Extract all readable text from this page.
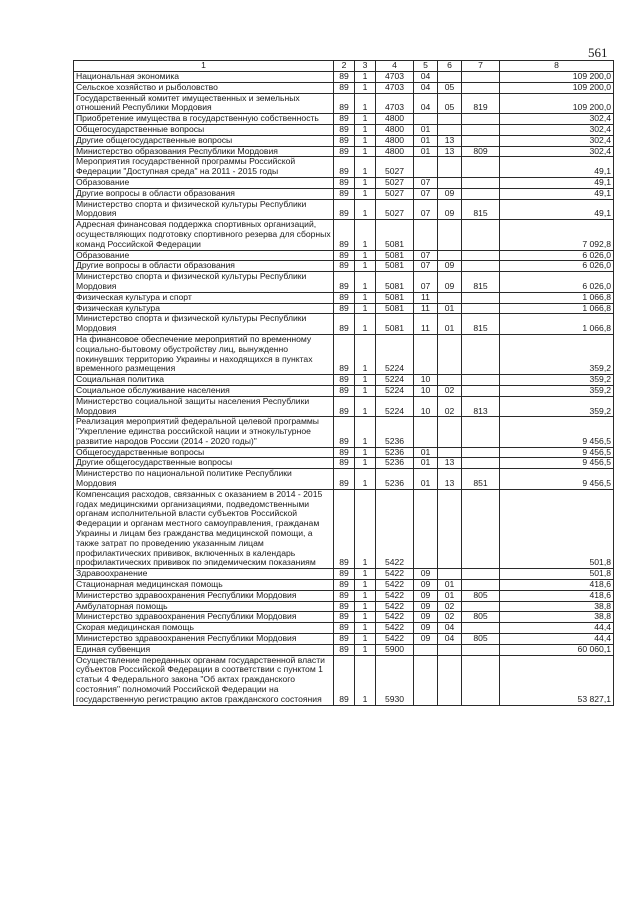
561
1	2	3	4	5	6	7	8
Национальная экономика	89	1	4703	04			109 200,0
Сельское хозяйство и рыболовство	89	1	4703	04	05		109 200,0
Государственный комитет имущественных и земельных отношений Республики Мордовия	89	1	4703	04	05	819	109 200,0
Приобретение имущества в государственную собственность	89	1	4800				302,4
Общегосударственные вопросы	89	1	4800	01			302,4
Другие общегосударственные вопросы	89	1	4800	01	13		302,4
Министерство образования Республики Мордовия	89	1	4800	01	13	809	302,4
Мероприятия государственной программы Российской Федерации "Доступная среда" на 2011 - 2015 годы	89	1	5027				49,1
Образование	89	1	5027	07			49,1
Другие вопросы в области образования	89	1	5027	07	09		49,1
Министерство спорта и физической культуры Республики Мордовия	89	1	5027	07	09	815	49,1
Адресная финансовая поддержка спортивных организаций, осуществляющих подготовку спортивного резерва для сборных команд Российской Федерации	89	1	5081				7 092,8
Образование	89	1	5081	07			6 026,0
Другие вопросы в области образования	89	1	5081	07	09		6 026,0
Министерство спорта и физической культуры Республики Мордовия	89	1	5081	07	09	815	6 026,0
Физическая культура и спорт	89	1	5081	11			1 066,8
Физическая культура	89	1	5081	11	01		1 066,8
Министерство спорта и физической культуры Республики Мордовия	89	1	5081	11	01	815	1 066,8
На финансовое обеспечение мероприятий по временному социально-бытовому обустройству лиц, вынужденно покинувших территорию Украины и находящихся в пунктах временного размещения	89	1	5224				359,2
Социальная политика	89	1	5224	10			359,2
Социальное обслуживание населения	89	1	5224	10	02		359,2
Министерство социальной защиты населения Республики Мордовия	89	1	5224	10	02	813	359,2
Реализация мероприятий федеральной целевой программы "Укрепление единства российской нации и этнокультурное развитие народов России (2014 - 2020 годы)"	89	1	5236				9 456,5
Общегосударственные вопросы	89	1	5236	01			9 456,5
Другие общегосударственные вопросы	89	1	5236	01	13		9 456,5
Министерство по национальной политике Республики Мордовия	89	1	5236	01	13	851	9 456,5
Компенсация расходов, связанных с оказанием в 2014 - 2015 годах медицинскими организациями, подведомственными органам исполнительной власти субъектов Российской Федерации и органам местного самоуправления, гражданам Украины и лицам без гражданства медицинской помощи, а также затрат по проведению указанным лицам профилактических прививок, включенных в календарь профилактических прививок по эпидемическим показаниям	89	1	5422				501,8
Здравоохранение	89	1	5422	09			501,8
Стационарная медицинская помощь	89	1	5422	09	01		418,6
Министерство здравоохранения Республики Мордовия	89	1	5422	09	01	805	418,6
Амбулаторная помощь	89	1	5422	09	02		38,8
Министерство здравоохранения Республики Мордовия	89	1	5422	09	02	805	38,8
Скорая медицинская помощь	89	1	5422	09	04		44,4
Министерство здравоохранения Республики Мордовия	89	1	5422	09	04	805	44,4
Единая субвенция	89	1	5900				60 060,1
Осуществление переданных органам государственной власти субъектов Российской Федерации в соответствии с пунктом 1 статьи 4 Федерального закона "Об актах гражданского состояния" полномочий Российской Федерации на государственную регистрацию актов гражданского состояния	89	1	5930				53 827,1
